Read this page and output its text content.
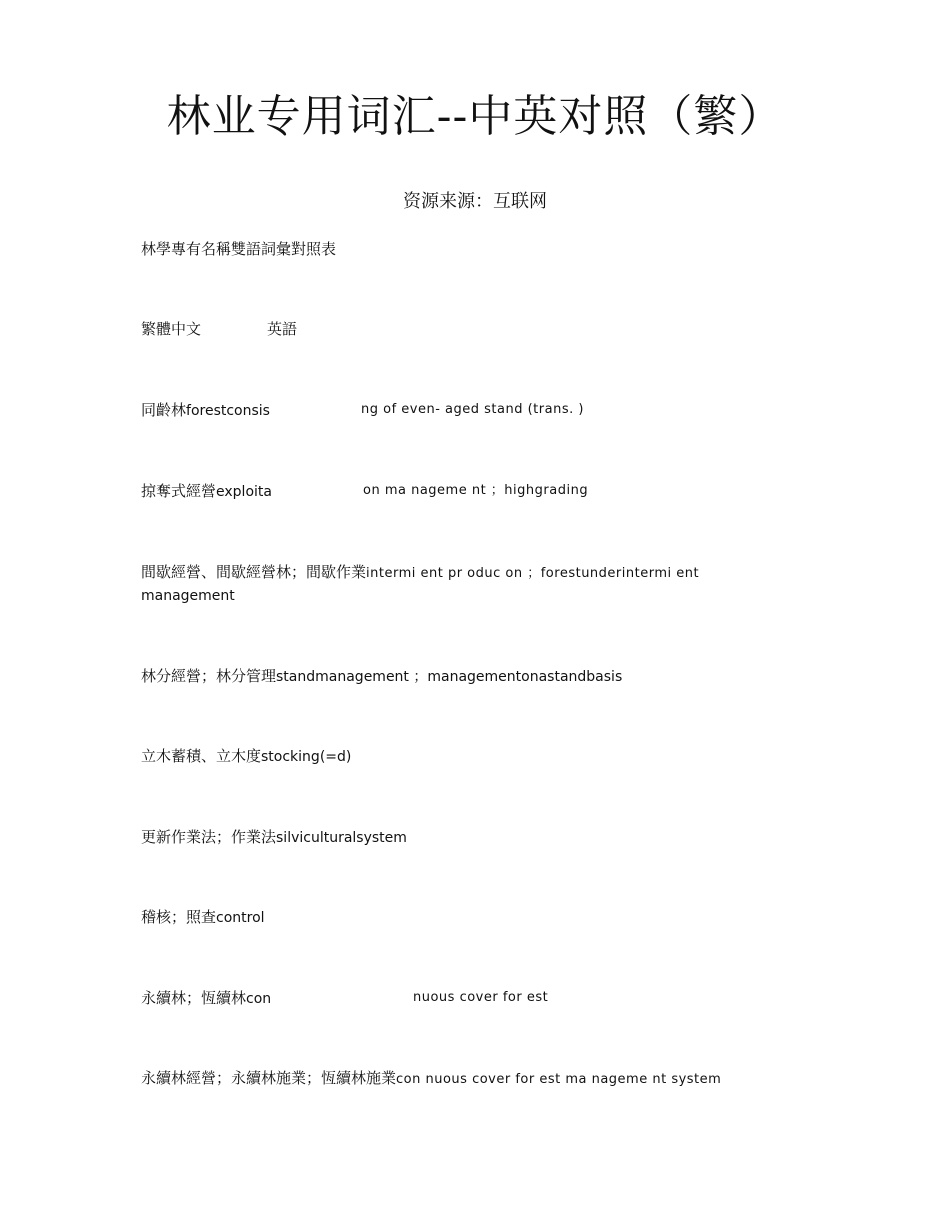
林业专用词汇--中英对照（繁）
资源来源：互联网
林學專有名稱雙語詞彙對照表
繁體中文	英語
同齡林forestconsis	ng of even- aged stand (trans. )
掠奪式經營exploita	on ma nageme nt ；highgrading
間歇經營、間歇經營林；間歇作業intermi ent pr oduc on ；forestunderintermi ent
management
林分經營；林分管理standmanagement ；managementonastandbasis
立木蓄積、立木度stocking(=d)
更新作業法；作業法silviculturalsystem
稽核；照查control
永續林；恆續林con	nuous cover for est
永續林經營；永續林施業；恆續林施業con nuous cover for est ma nageme nt system
